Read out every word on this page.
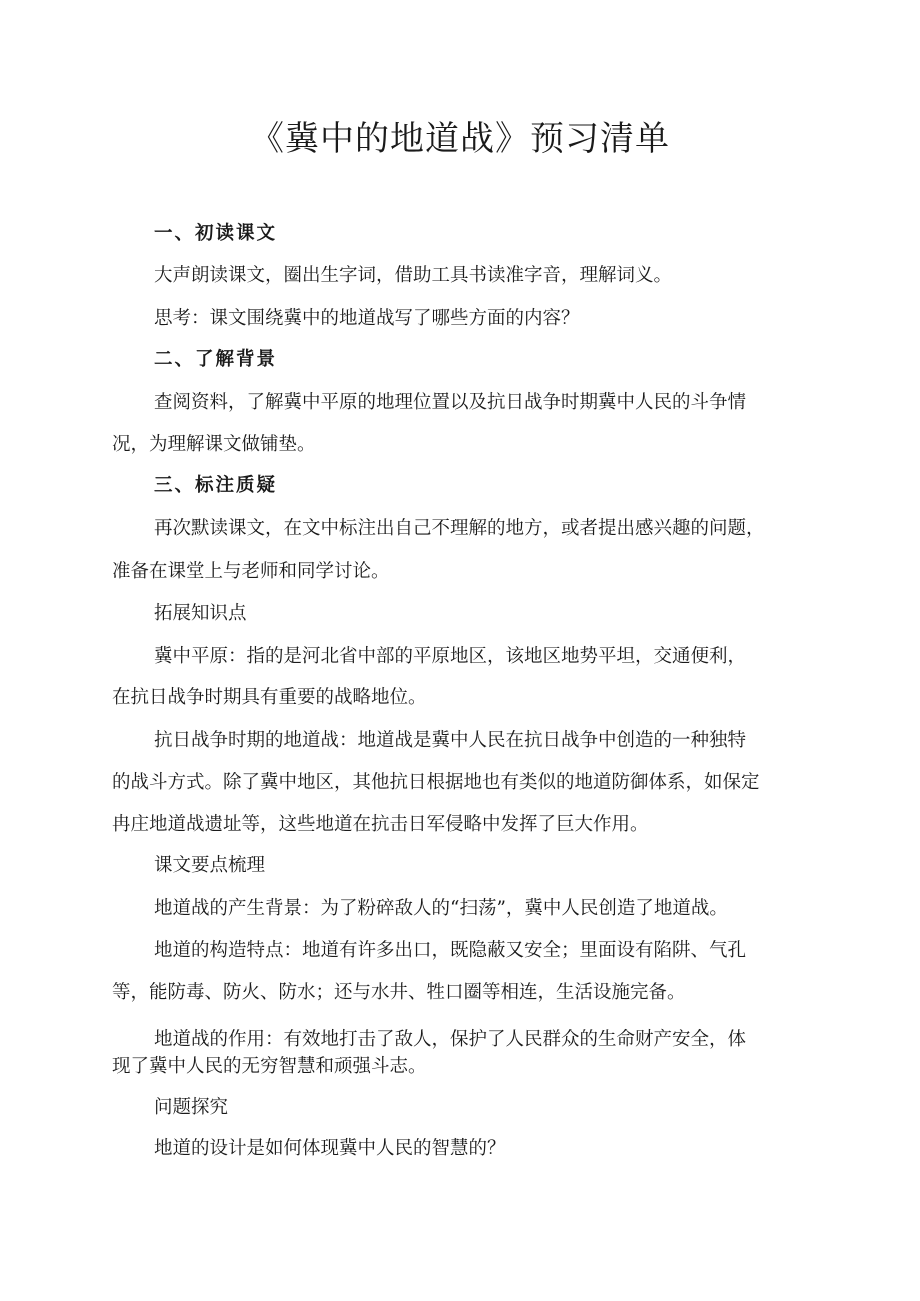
《冀中的地道战》预习清单

一、初读课文

大声朗读课文，圈出生字词，借助工具书读准字音，理解词义。

思考：课文围绕冀中的地道战写了哪些方面的内容？

二、了解背景

查阅资料，了解冀中平原的地理位置以及抗日战争时期冀中人民的斗争情

况，为理解课文做铺垫。

三、标注质疑

再次默读课文，在文中标注出自己不理解的地方，或者提出感兴趣的问题，

准备在课堂上与老师和同学讨论。

拓展知识点

冀中平原：指的是河北省中部的平原地区，该地区地势平坦，交通便利，

在抗日战争时期具有重要的战略地位。

抗日战争时期的地道战：地道战是冀中人民在抗日战争中创造的一种独特

的战斗方式。除了冀中地区，其他抗日根据地也有类似的地道防御体系，如保定

冉庄地道战遗址等，这些地道在抗击日军侵略中发挥了巨大作用。

课文要点梳理

地道战的产生背景：为了粉碎敌人的“扫荡”，冀中人民创造了地道战。

地道的构造特点：地道有许多出口，既隐蔽又安全；里面设有陷阱、气孔

等，能防毒、防火、防水；还与水井、牲口圈等相连，生活设施完备。

地道战的作用：有效地打击了敌人，保护了人民群众的生命财产安全，体

现了冀中人民的无穷智慧和顽强斗志。

问题探究

地道的设计是如何体现冀中人民的智慧的？
